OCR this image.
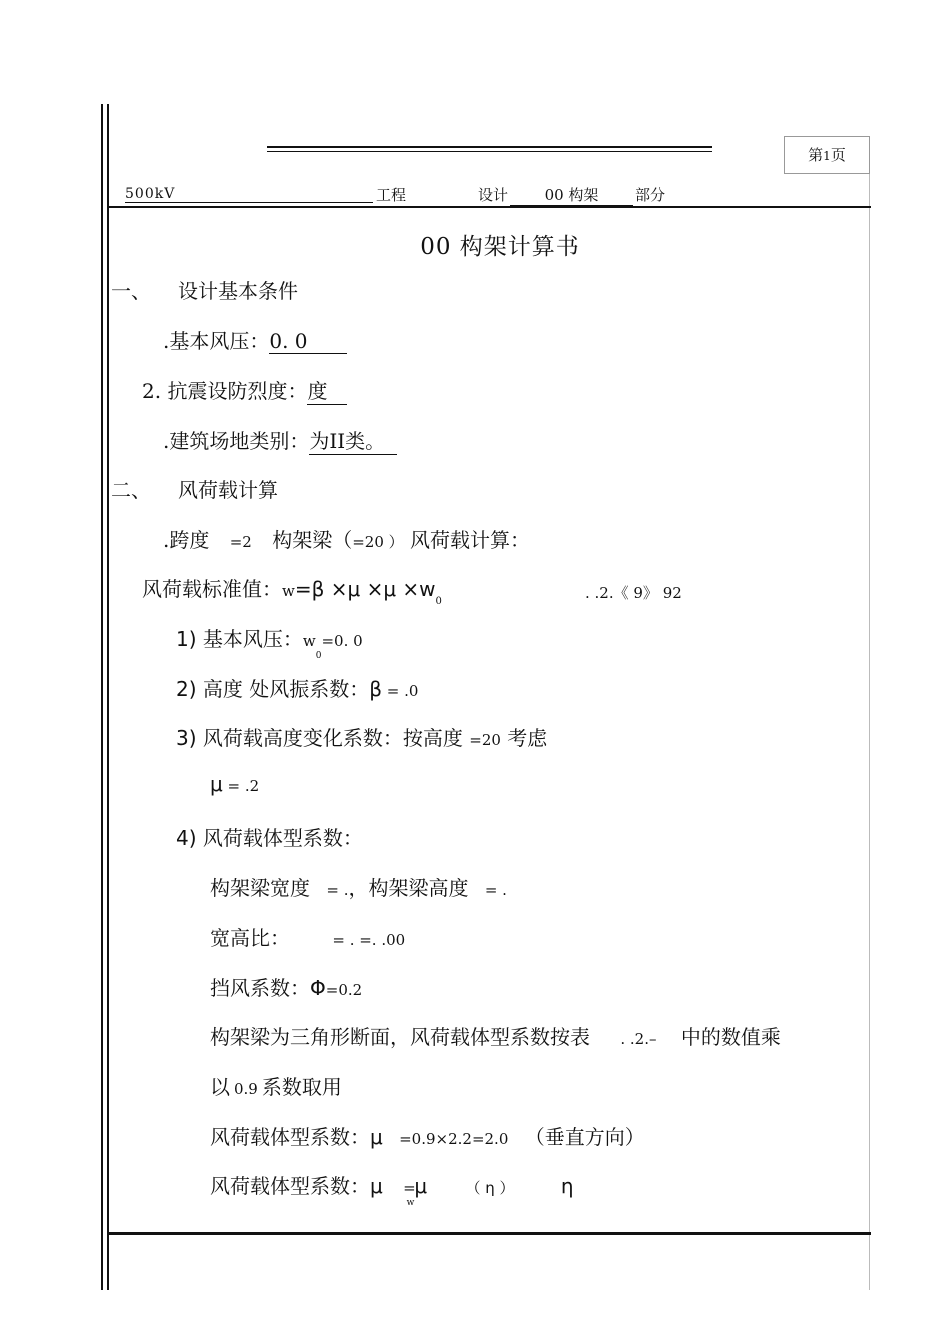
第1页
500kV	工程	设计	00 构架	部分
00 构架计算书
一、 设计基本条件
.基本风压：0. 0
2. 抗震设防烈度：度
.建筑场地类别：为II类。
二、 风荷载计算
.跨度 =2 构架梁（=20 ） 风荷载计算：
风荷载标准值：$w=\beta \times\mu \times\mu \times w_0$	. .2.《 9》 92
1) 基本风压：$w_0=0$. 0
2) 高度 处风振系数：β = .0
3) 风荷载高度变化系数：按高度 =20 考虑
μ = .2
4) 风荷载体型系数：
构架梁宽度 = .，构架梁高度 = .
宽高比：	= . =. .00
挡风系数：Φ=0.2
构架梁为三角形断面，风荷载体型系数按表 . .2.– 中的数值乘
以 0.9 系数取用
风荷载体型系数：μ =0.9×2.2=2.0 （垂直方向）
风荷载体型系数：$\mu =_w\mu$	（ η ） η
